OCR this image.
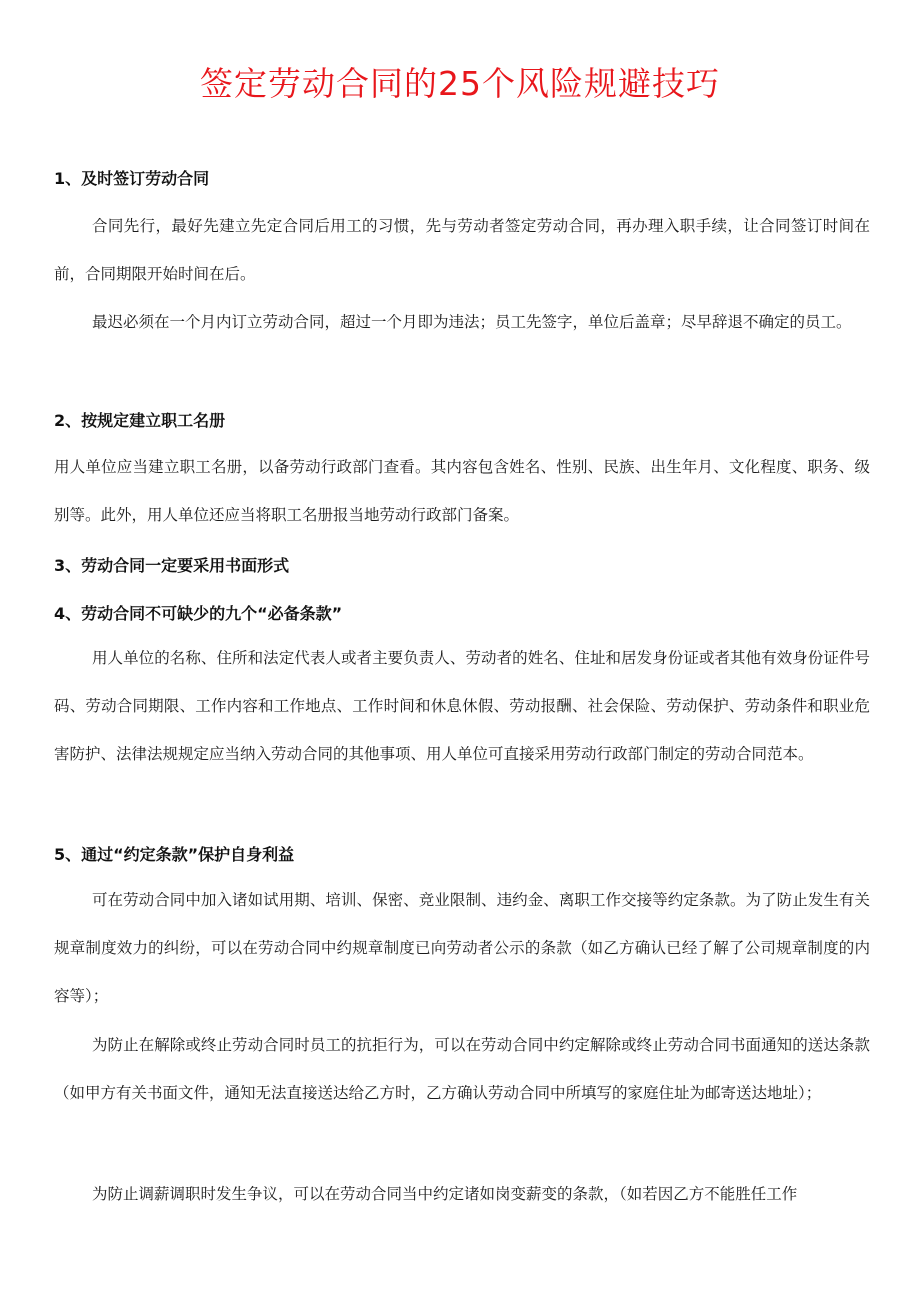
签定劳动合同的25个风险规避技巧
1、及时签订劳动合同

合同先行，最好先建立先定合同后用工的习惯，先与劳动者签定劳动合同，再办理入职手续，让合同签订时间在前，合同期限开始时间在后。

最迟必须在一个月内订立劳动合同，超过一个月即为违法；员工先签字，单位后盖章；尽早辞退不确定的员工。

2、按规定建立职工名册

用人单位应当建立职工名册，以备劳动行政部门查看。其内容包含姓名、性别、民族、出生年月、文化程度、职务、级别等。此外，用人单位还应当将职工名册报当地劳动行政部门备案。

3、劳动合同一定要采用书面形式
4、劳动合同不可缺少的九个“必备条款”

用人单位的名称、住所和法定代表人或者主要负责人、劳动者的姓名、住址和居发身份证或者其他有效身份证件号码、劳动合同期限、工作内容和工作地点、工作时间和休息休假、劳动报酬、社会保险、劳动保护、劳动条件和职业危害防护、法律法规规定应当纳入劳动合同的其他事项、用人单位可直接采用劳动行政部门制定的劳动合同范本。

5、通过“约定条款”保护自身利益

可在劳动合同中加入诸如试用期、培训、保密、竞业限制、违约金、离职工作交接等约定条款。为了防止发生有关规章制度效力的纠纷，可以在劳动合同中约规章制度已向劳动者公示的条款（如乙方确认已经了解了公司规章制度的内容等）；

为防止在解除或终止劳动合同时员工的抗拒行为，可以在劳动合同中约定解除或终止劳动合同书面通知的送达条款（如甲方有关书面文件，通知无法直接送达给乙方时，乙方确认劳动合同中所填写的家庭住址为邮寄送达地址）；

为防止调薪调职时发生争议，可以在劳动合同当中约定诸如岗变薪变的条款，（如若因乙方不能胜任工作
